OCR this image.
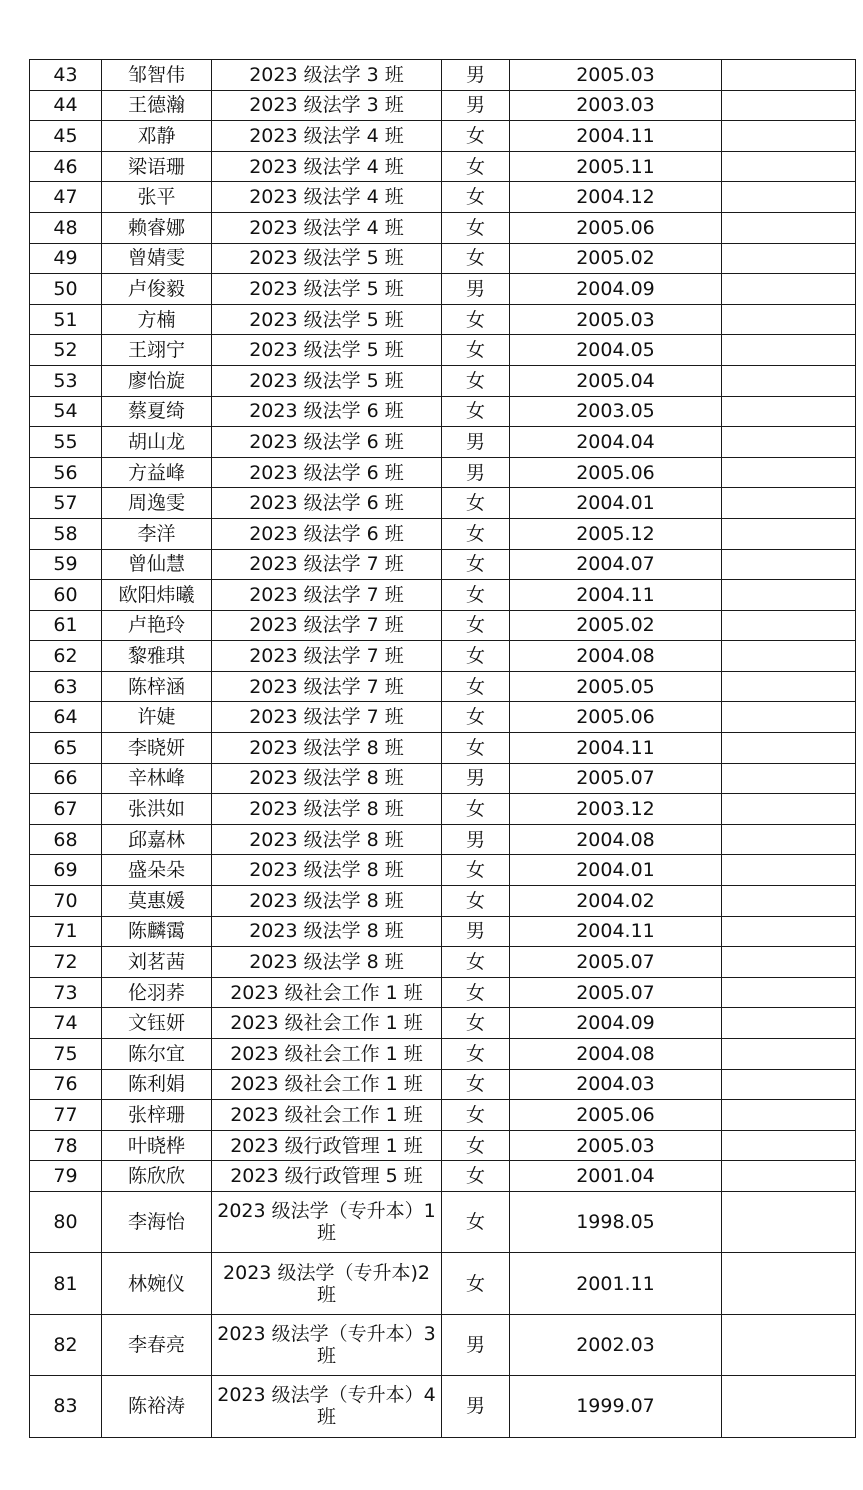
43	邹智伟	2023 级法学 3 班	男	2005.03	
44	王德瀚	2023 级法学 3 班	男	2003.03	
45	邓静	2023 级法学 4 班	女	2004.11	
46	梁语珊	2023 级法学 4 班	女	2005.11	
47	张平	2023 级法学 4 班	女	2004.12	
48	赖睿娜	2023 级法学 4 班	女	2005.06	
49	曾婧雯	2023 级法学 5 班	女	2005.02	
50	卢俊毅	2023 级法学 5 班	男	2004.09	
51	方楠	2023 级法学 5 班	女	2005.03	
52	王翊宁	2023 级法学 5 班	女	2004.05	
53	廖怡旋	2023 级法学 5 班	女	2005.04	
54	蔡夏绮	2023 级法学 6 班	女	2003.05	
55	胡山龙	2023 级法学 6 班	男	2004.04	
56	方益峰	2023 级法学 6 班	男	2005.06	
57	周逸雯	2023 级法学 6 班	女	2004.01	
58	李洋	2023 级法学 6 班	女	2005.12	
59	曾仙慧	2023 级法学 7 班	女	2004.07	
60	欧阳炜曦	2023 级法学 7 班	女	2004.11	
61	卢艳玲	2023 级法学 7 班	女	2005.02	
62	黎雅琪	2023 级法学 7 班	女	2004.08	
63	陈梓涵	2023 级法学 7 班	女	2005.05	
64	许婕	2023 级法学 7 班	女	2005.06	
65	李晓妍	2023 级法学 8 班	女	2004.11	
66	辛林峰	2023 级法学 8 班	男	2005.07	
67	张洪如	2023 级法学 8 班	女	2003.12	
68	邱嘉林	2023 级法学 8 班	男	2004.08	
69	盛朵朵	2023 级法学 8 班	女	2004.01	
70	莫惠媛	2023 级法学 8 班	女	2004.02	
71	陈麟霭	2023 级法学 8 班	男	2004.11	
72	刘茗茜	2023 级法学 8 班	女	2005.07	
73	伦羽荞	2023 级社会工作 1 班	女	2005.07	
74	文钰妍	2023 级社会工作 1 班	女	2004.09	
75	陈尔宜	2023 级社会工作 1 班	女	2004.08	
76	陈利娟	2023 级社会工作 1 班	女	2004.03	
77	张梓珊	2023 级社会工作 1 班	女	2005.06	
78	叶晓桦	2023 级行政管理 1 班	女	2005.03	
79	陈欣欣	2023 级行政管理 5 班	女	2001.04	
80	李海怡	2023 级法学（专升本）1 班	女	1998.05	
81	林婉仪	2023 级法学（专升本)2 班	女	2001.11	
82	李春亮	2023 级法学（专升本）3 班	男	2002.03	
83	陈裕涛	2023 级法学（专升本）4 班	男	1999.07	
